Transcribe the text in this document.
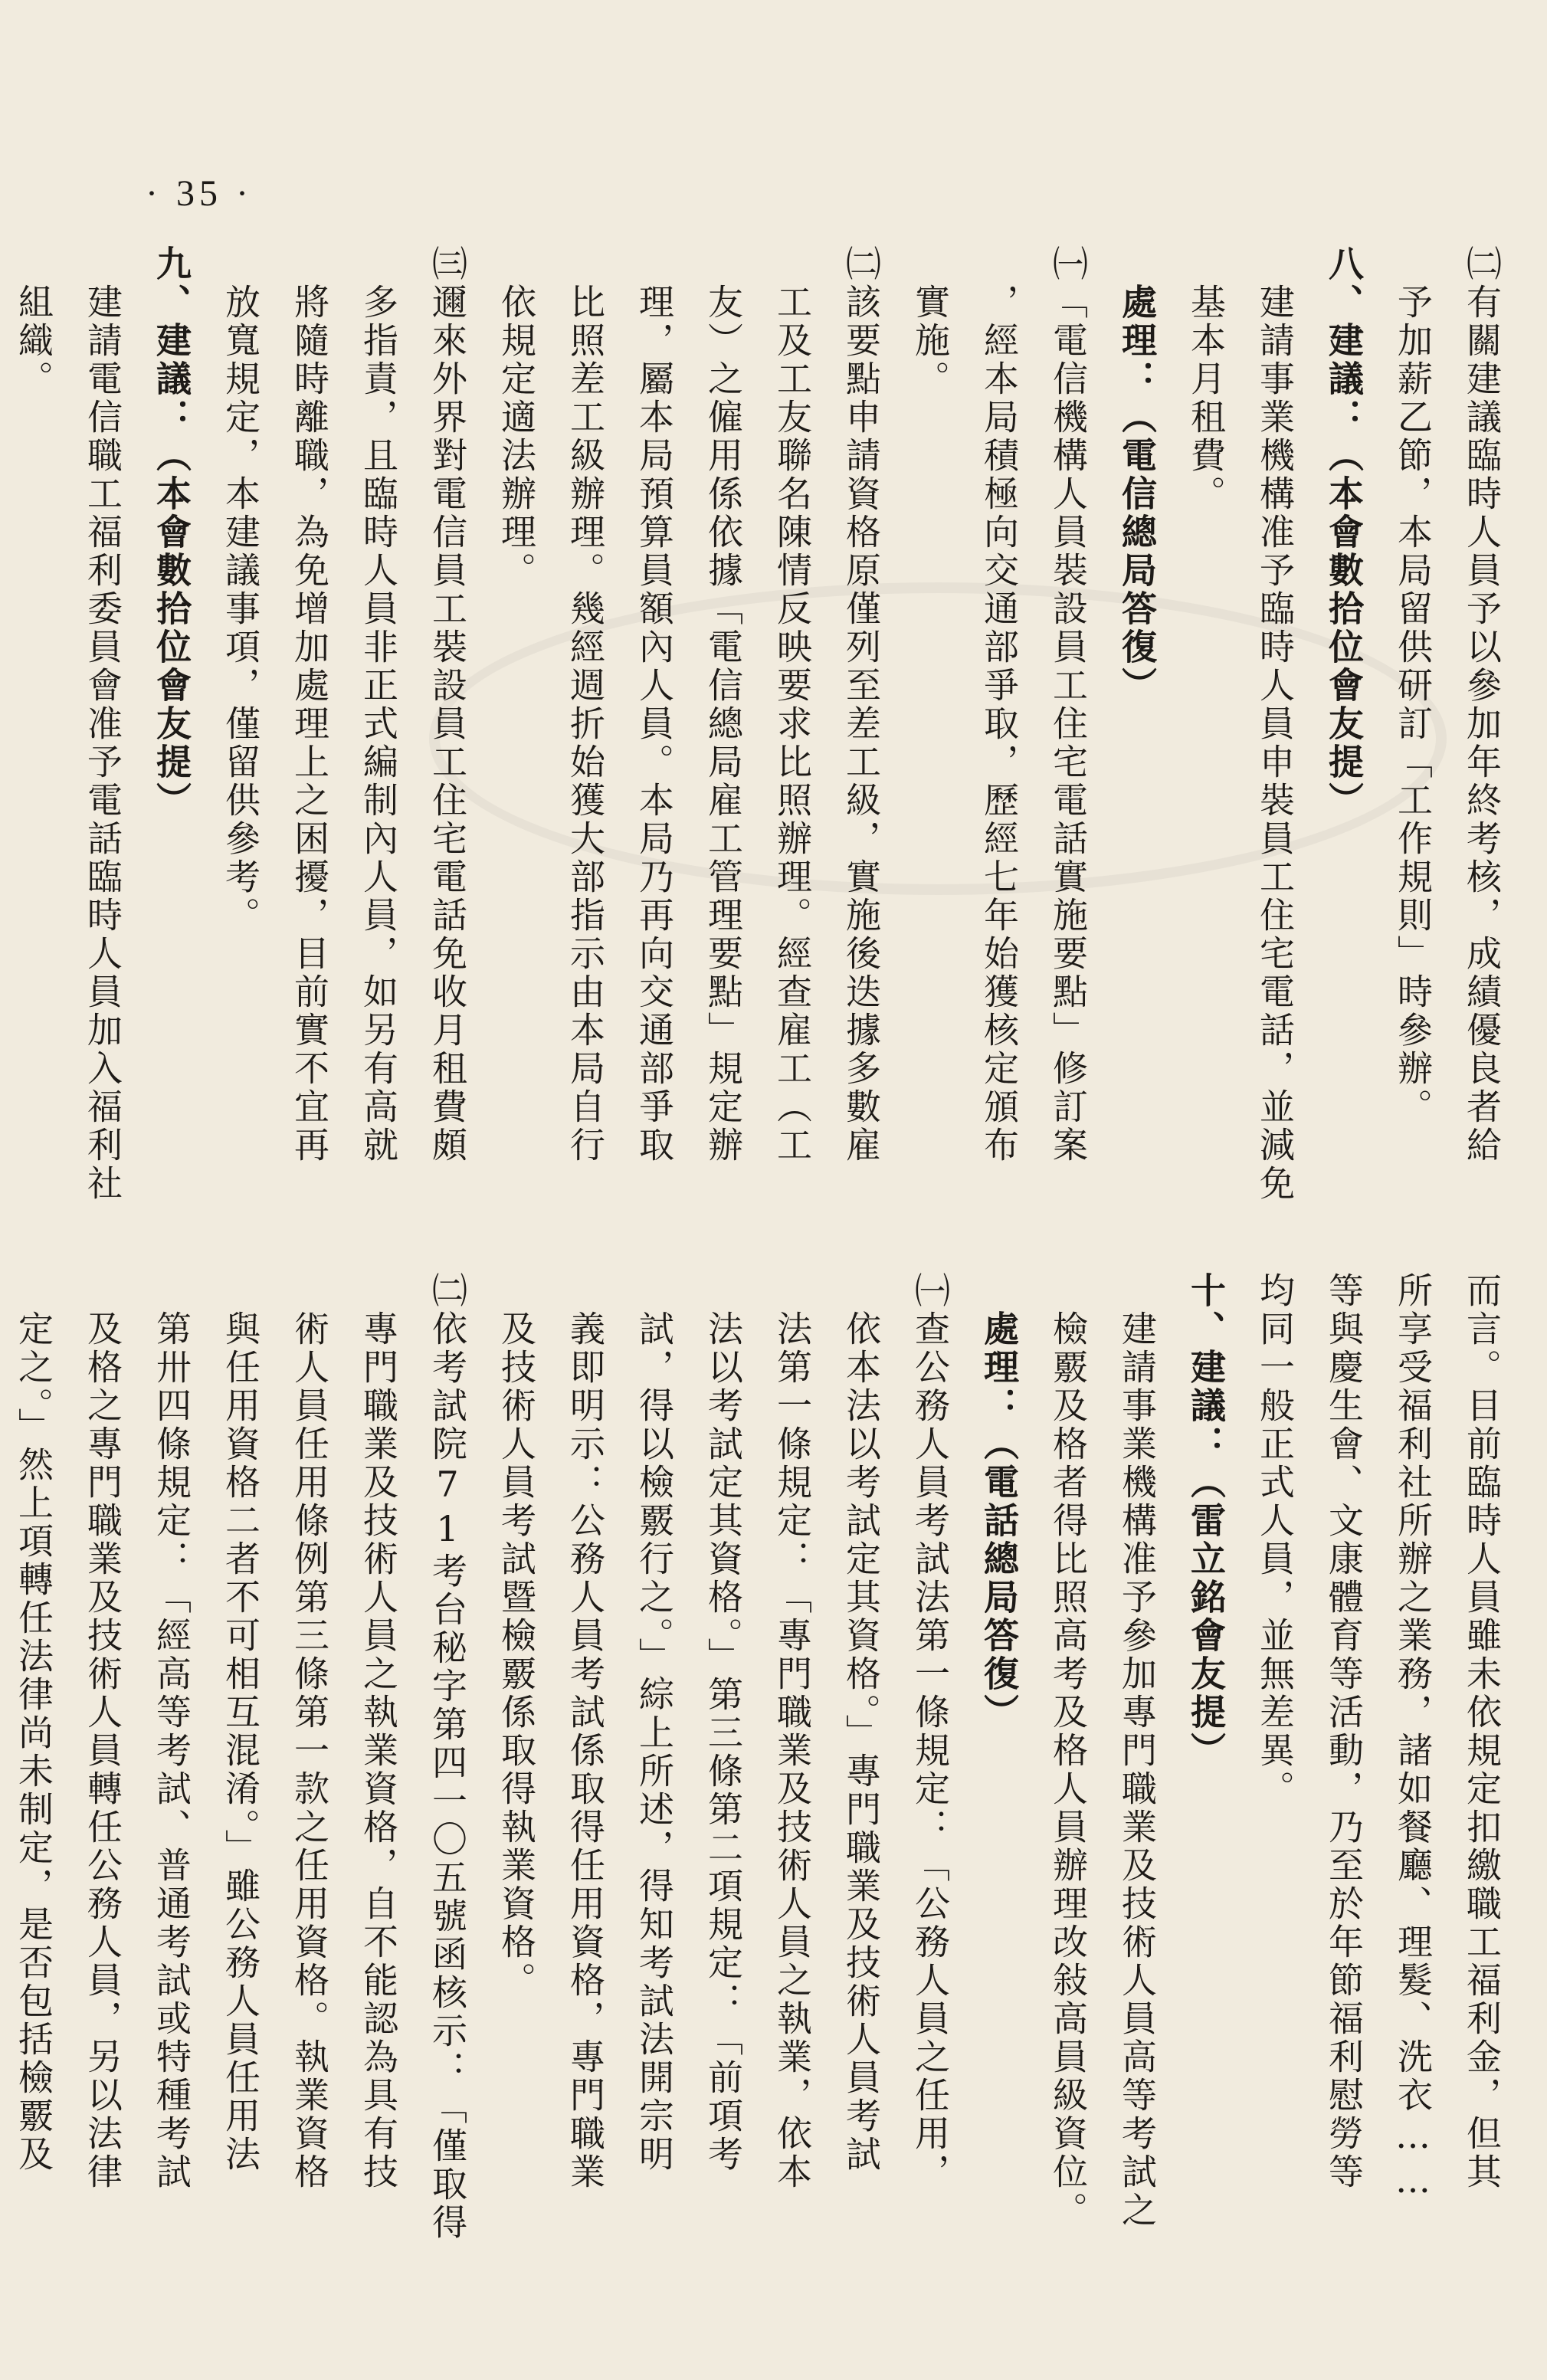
· 35 ·
㈡有關建議臨時人員予以參加年終考核，成績優良者給
　予加薪乙節，本局留供研訂「工作規則」時參辦。
八、建議：（本會數拾位會友提）
　建請事業機構准予臨時人員申裝員工住宅電話，並減免
　基本月租費。
　處理：（電信總局答復）
㈠「電信機構人員裝設員工住宅電話實施要點」修訂案
　，經本局積極向交通部爭取，歷經七年始獲核定頒布
　實施。
㈡該要點申請資格原僅列至差工級，實施後迭據多數雇
　工及工友聯名陳情反映要求比照辦理。經查雇工（工
　友）之僱用係依據「電信總局雇工管理要點」規定辦
　理，屬本局預算員額內人員。本局乃再向交通部爭取
　比照差工級辦理。幾經週折始獲大部指示由本局自行
　依規定適法辦理。
㈢邇來外界對電信員工裝設員工住宅電話免收月租費頗
　多指責，且臨時人員非正式編制內人員，如另有高就
　將隨時離職，為免增加處理上之困擾，目前實不宜再
　放寬規定，本建議事項，僅留供參考。
九、建議：（本會數拾位會友提）
　建請電信職工福利委員會准予電話臨時人員加入福利社
　組織。
而言。目前臨時人員雖未依規定扣繳職工福利金，但其
所享受福利社所辦之業務，諸如餐廳、理髮、洗衣……
等與慶生會、文康體育等活動，乃至於年節福利慰勞等
均同一般正式人員，並無差異。
十、建議：（雷立銘會友提）
　建請事業機構准予參加專門職業及技術人員高等考試之
　檢覈及格者得比照高考及格人員辦理改敍高員級資位。
　處理：（電話總局答復）
㈠查公務人員考試法第一條規定：「公務人員之任用，
　依本法以考試定其資格。」專門職業及技術人員考試
　法第一條規定：「專門職業及技術人員之執業，依本
　法以考試定其資格。」第三條第二項規定：「前項考
　試，得以檢覈行之。」綜上所述，得知考試法開宗明
　義即明示：公務人員考試係取得任用資格，專門職業
　及技術人員考試暨檢覈係取得執業資格。
㈡依考試院71考台秘字第四一〇五號函核示：「僅取得
　專門職業及技術人員之執業資格，自不能認為具有技
　術人員任用條例第三條第一款之任用資格。執業資格
　與任用資格二者不可相互混淆。」雖公務人員任用法
　第卅四條規定：「經高等考試、普通考試或特種考試
　及格之專門職業及技術人員轉任公務人員，另以法律
　定之。」然上項轉任法律尚未制定，是否包括檢覈及
